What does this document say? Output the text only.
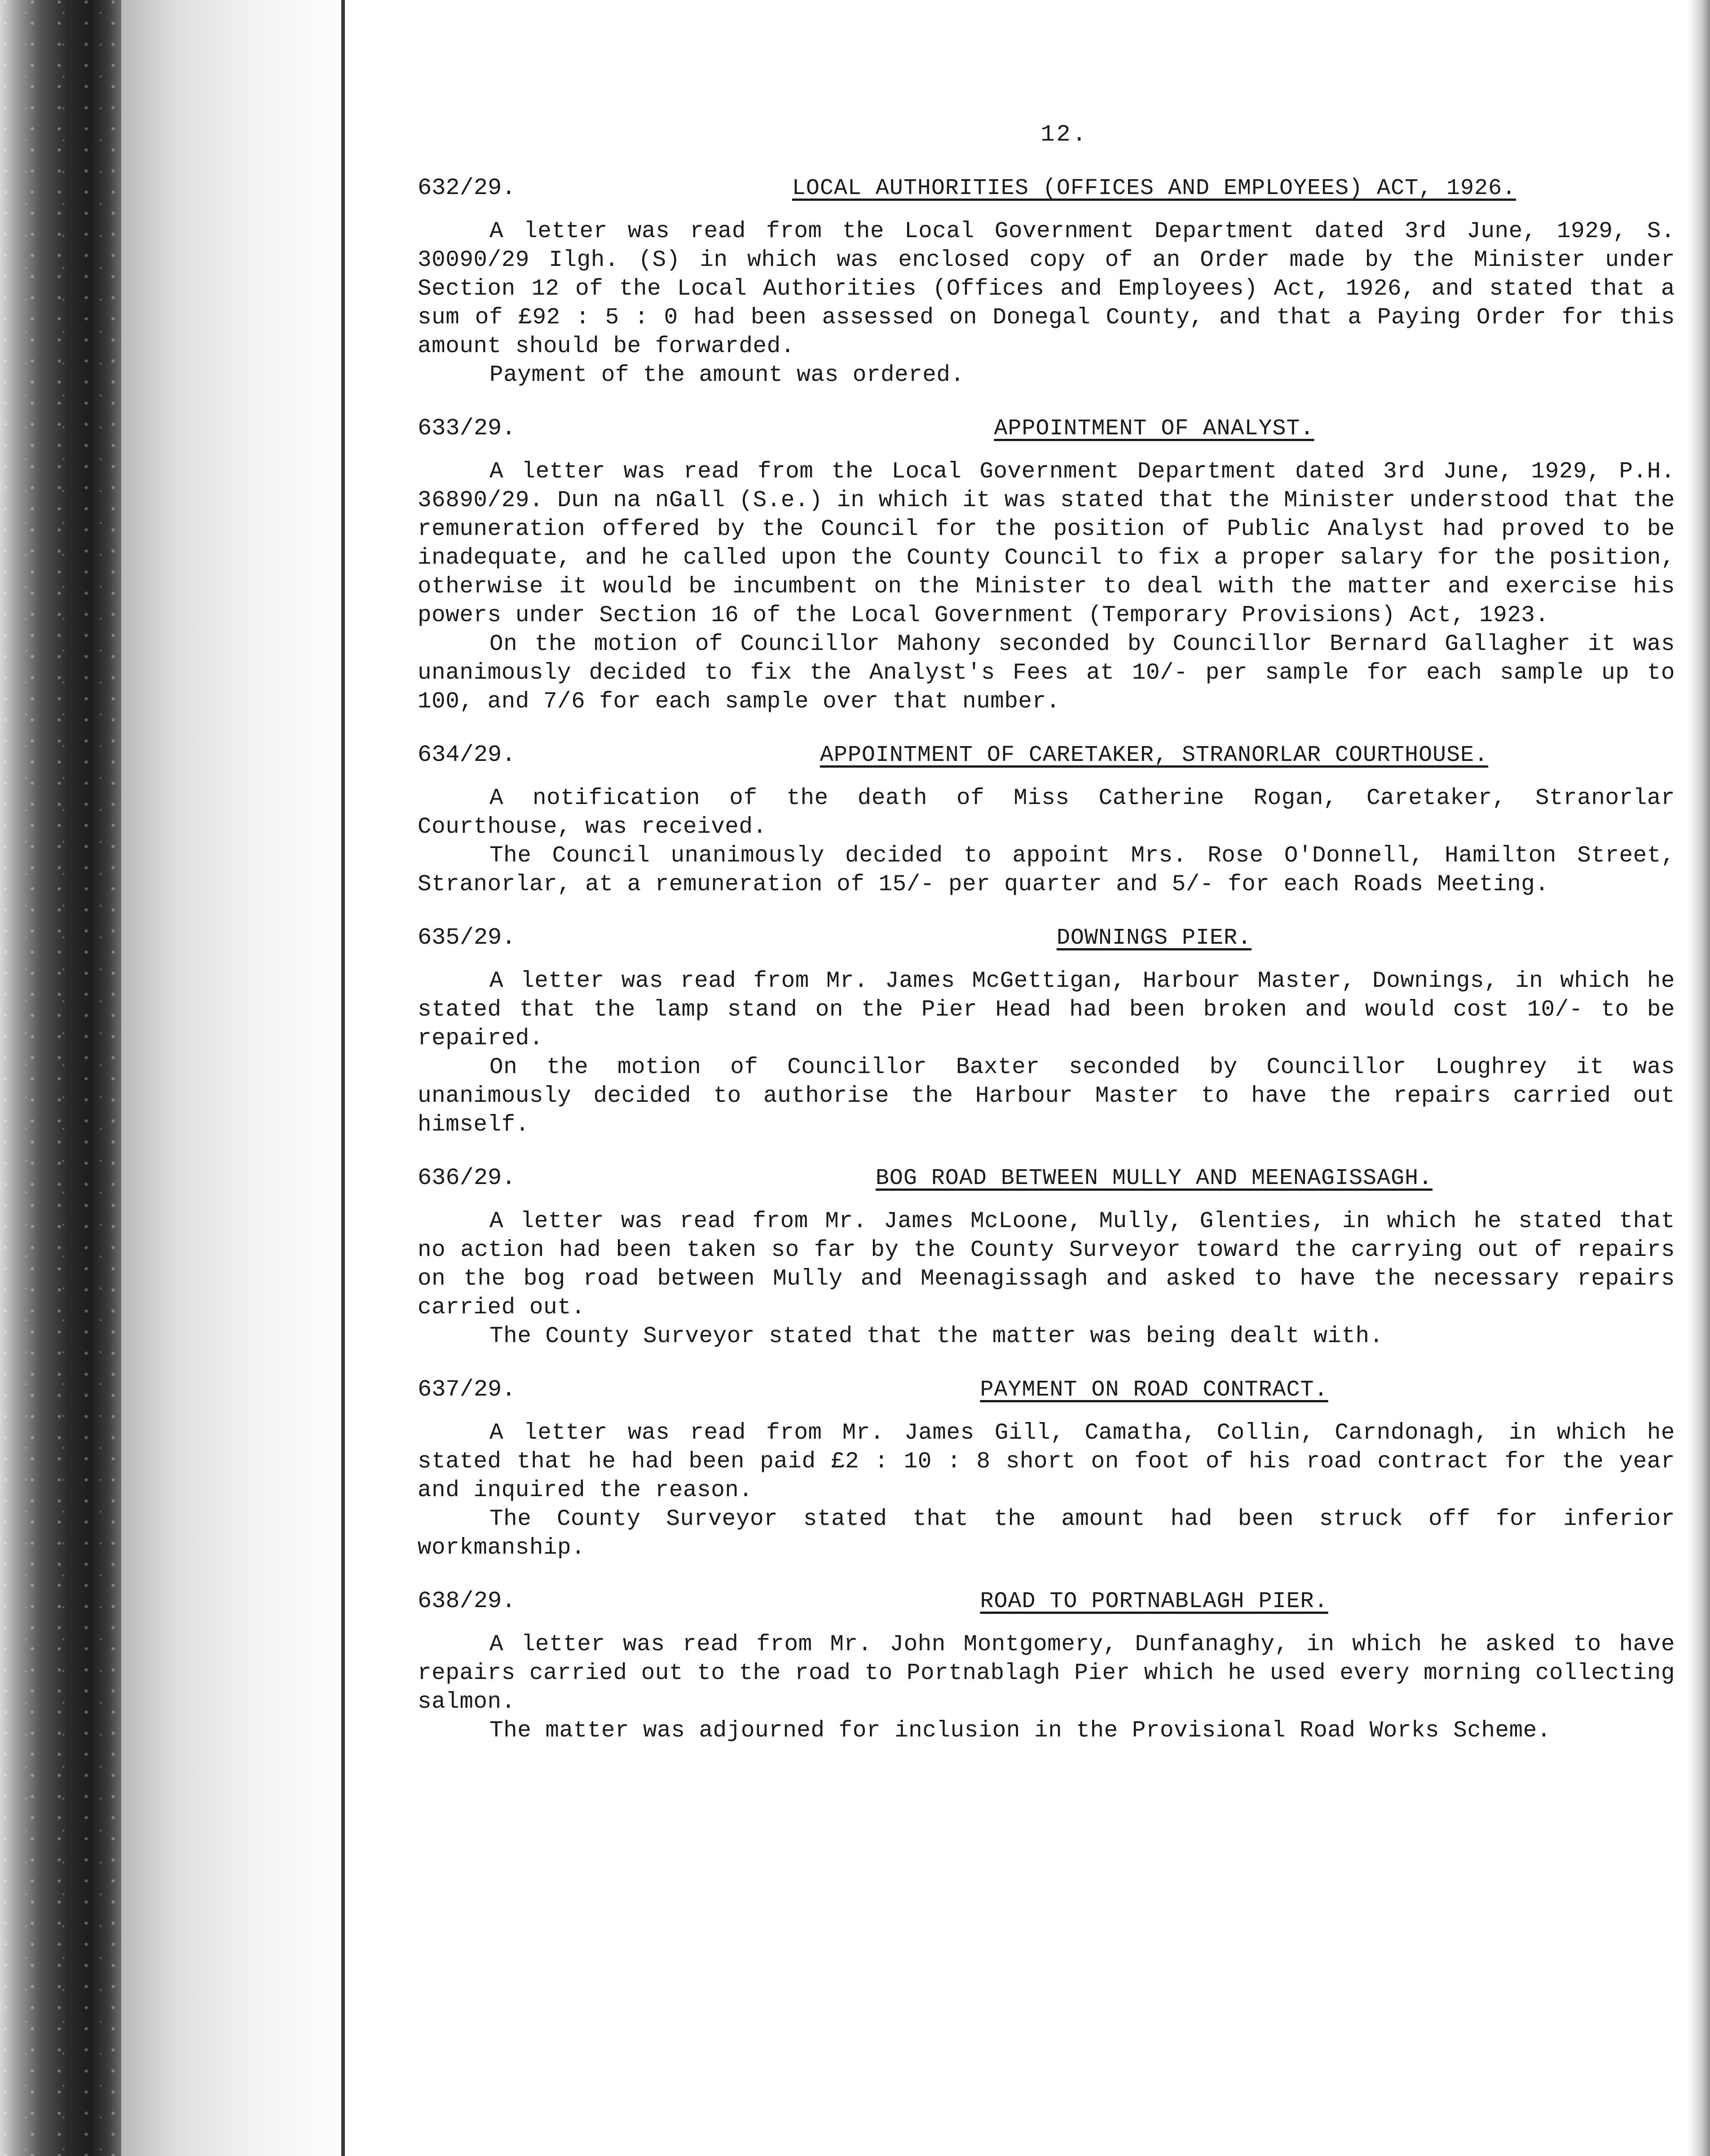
12.
632/29.	LOCAL AUTHORITIES (OFFICES AND EMPLOYEES) ACT, 1926.

A letter was read from the Local Government Department dated 3rd June, 1929, S. 30090/29 Ilgh. (S) in which was enclosed copy of an Order made by the Minister under Section 12 of the Local Authorities (Offices and Employees) Act, 1926, and stated that a sum of £92 : 5 : 0 had been assessed on Donegal County, and that a Paying Order for this amount should be forwarded.

Payment of the amount was ordered.

633/29.	APPOINTMENT OF ANALYST.

A letter was read from the Local Government Department dated 3rd June, 1929, P.H. 36890/29. Dun na nGall (S.e.) in which it was stated that the Minister understood that the remuneration offered by the Council for the position of Public Analyst had proved to be inadequate, and he called upon the County Council to fix a proper salary for the position, otherwise it would be incumbent on the Minister to deal with the matter and exercise his powers under Section 16 of the Local Government (Temporary Provisions) Act, 1923.

On the motion of Councillor Mahony seconded by Councillor Bernard Gallagher it was unanimously decided to fix the Analyst's Fees at 10/- per sample for each sample up to 100, and 7/6 for each sample over that number.

634/29.	APPOINTMENT OF CARETAKER, STRANORLAR COURTHOUSE.

A notification of the death of Miss Catherine Rogan, Caretaker, Stranorlar Courthouse, was received.

The Council unanimously decided to appoint Mrs. Rose O'Donnell, Hamilton Street, Stranorlar, at a remuneration of 15/- per quarter and 5/- for each Roads Meeting.

635/29.	DOWNINGS PIER.

A letter was read from Mr. James McGettigan, Harbour Master, Downings, in which he stated that the lamp stand on the Pier Head had been broken and would cost 10/- to be repaired.

On the motion of Councillor Baxter seconded by Councillor Loughrey it was unanimously decided to authorise the Harbour Master to have the repairs carried out himself.

636/29.	BOG ROAD BETWEEN MULLY AND MEENAGISSAGH.

A letter was read from Mr. James McLoone, Mully, Glenties, in which he stated that no action had been taken so far by the County Surveyor toward the carrying out of repairs on the bog road between Mully and Meenagissagh and asked to have the necessary repairs carried out.

The County Surveyor stated that the matter was being dealt with.

637/29.	PAYMENT ON ROAD CONTRACT.

A letter was read from Mr. James Gill, Camatha, Collin, Carndonagh, in which he stated that he had been paid £2 : 10 : 8 short on foot of his road contract for the year and inquired the reason.

The County Surveyor stated that the amount had been struck off for inferior workmanship.

638/29.	ROAD TO PORTNABLAGH PIER.

A letter was read from Mr. John Montgomery, Dunfanaghy, in which he asked to have repairs carried out to the road to Portnablagh Pier which he used every morning collecting salmon.

The matter was adjourned for inclusion in the Provisional Road Works Scheme.
